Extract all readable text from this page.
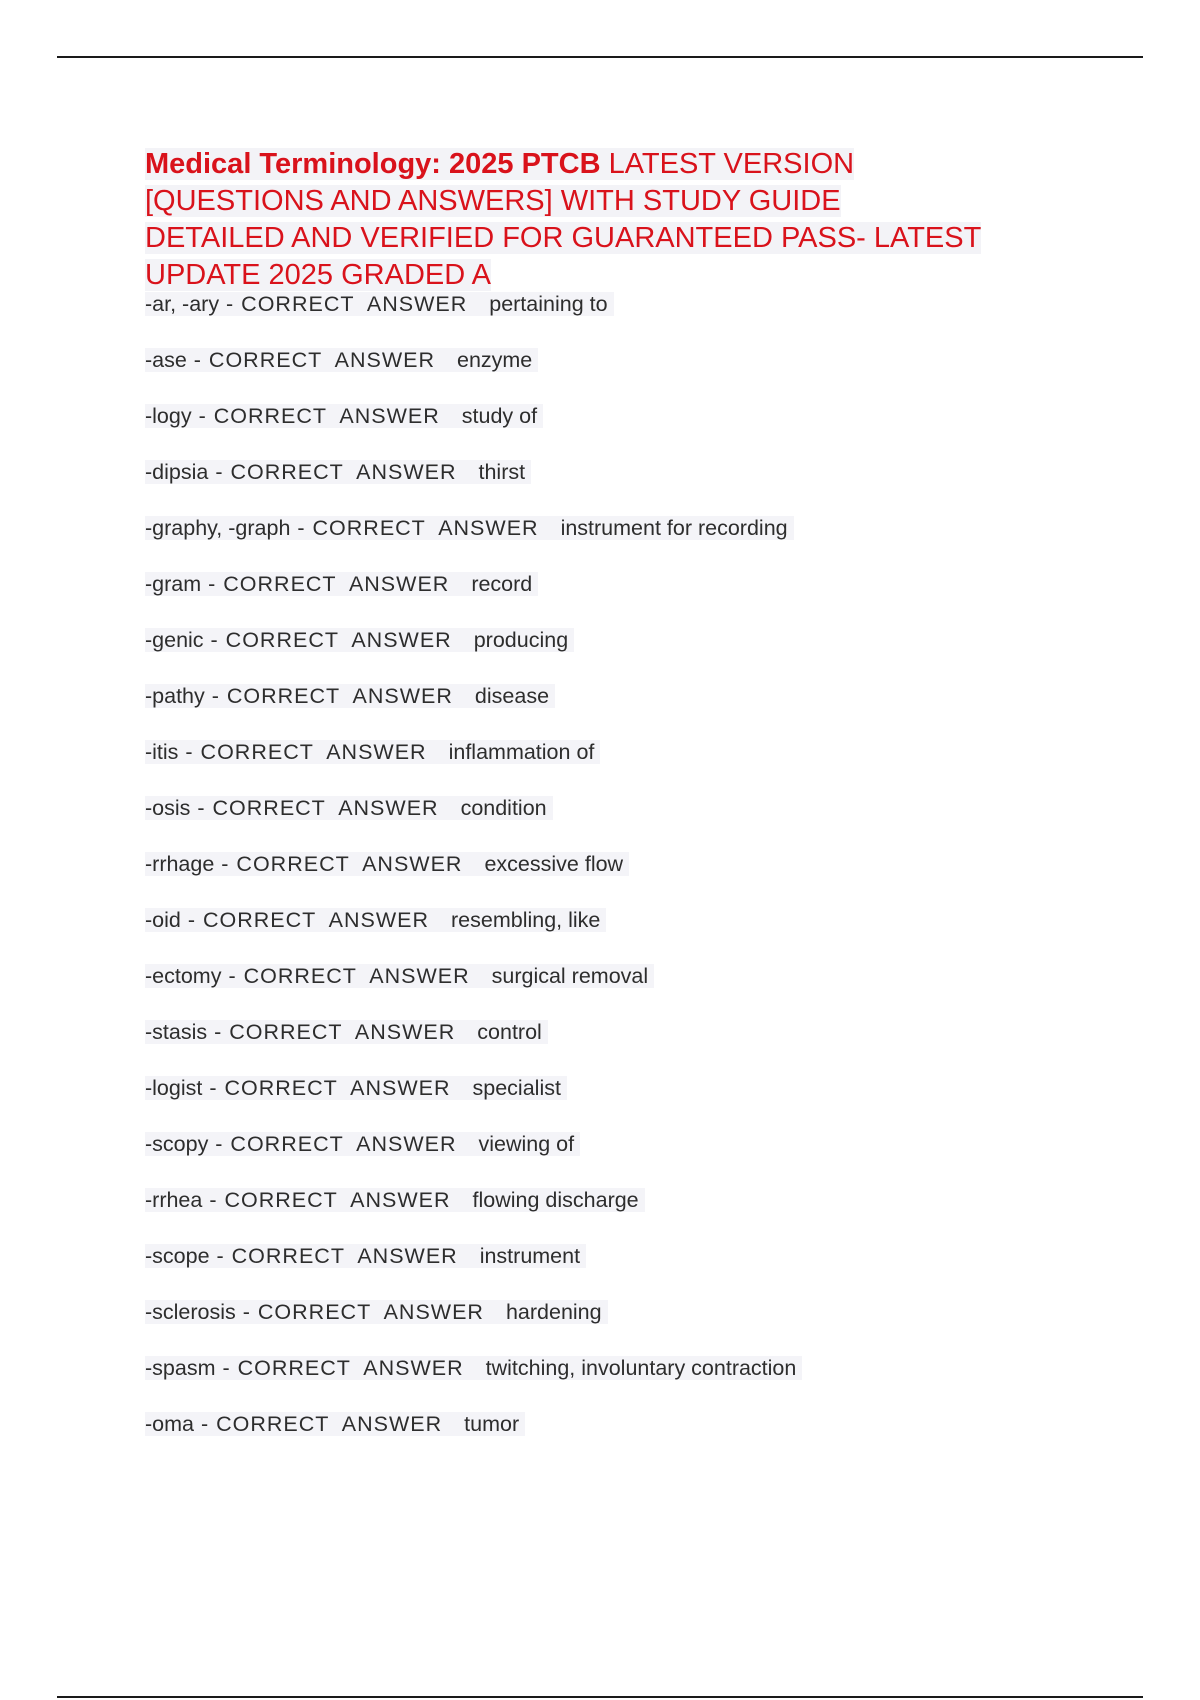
Medical Terminology: 2025 PTCB LATEST VERSION
[QUESTIONS AND ANSWERS] WITH STUDY GUIDE
DETAILED AND VERIFIED FOR GUARANTEED PASS- LATEST
UPDATE 2025 GRADED A
-ar, -ary - CORRECT  ANSWER pertaining to
-ase - CORRECT  ANSWER enzyme
-logy - CORRECT  ANSWER study of
-dipsia - CORRECT  ANSWER thirst
-graphy, -graph - CORRECT  ANSWER instrument for recording
-gram - CORRECT  ANSWER record
-genic - CORRECT  ANSWER producing
-pathy - CORRECT  ANSWER disease
-itis - CORRECT  ANSWER inflammation of
-osis - CORRECT  ANSWER condition
-rrhage - CORRECT  ANSWER excessive flow
-oid - CORRECT  ANSWER resembling, like
-ectomy - CORRECT  ANSWER surgical removal
-stasis - CORRECT  ANSWER control
-logist - CORRECT  ANSWER specialist
-scopy - CORRECT  ANSWER viewing of
-rrhea - CORRECT  ANSWER flowing discharge
-scope - CORRECT  ANSWER instrument
-sclerosis - CORRECT  ANSWER hardening
-spasm - CORRECT  ANSWER twitching, involuntary contraction
-oma - CORRECT  ANSWER tumor
